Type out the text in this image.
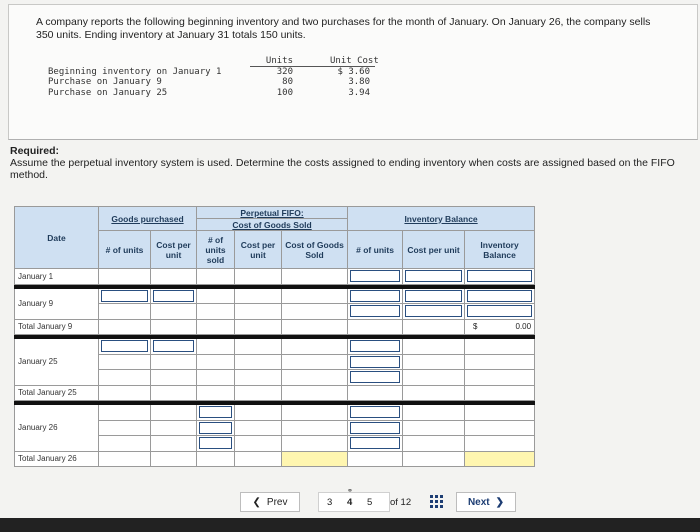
A company reports the following beginning inventory and two purchases for the month of January. On January 26, the company sells 350 units. Ending inventory at January 31 totals 150 units.
Units	Unit Cost
Beginning inventory on January 1	320	$ 3.60
Purchase on January 9	80	3.80
Purchase on January 25	100	3.94
Required:
Assume the perpetual inventory system is used. Determine the costs assigned to ending inventory when costs are assigned based on the FIFO method.
Date	Goods purchased		Perpetual FIFO:			Inventory Balance		
			Cost of Goods Sold					
	# of units	Cost per unit	# of units sold	Cost per unit	Cost of Goods Sold	# of units	Cost per unit	Inventory Balance
January 1						

January 9	

Total January 9								$ 0.00

January 25	

Total January 25								

January 26			

Total January 26								
❮ Prev	3
⚭
4 5 of 12	Next ❯
